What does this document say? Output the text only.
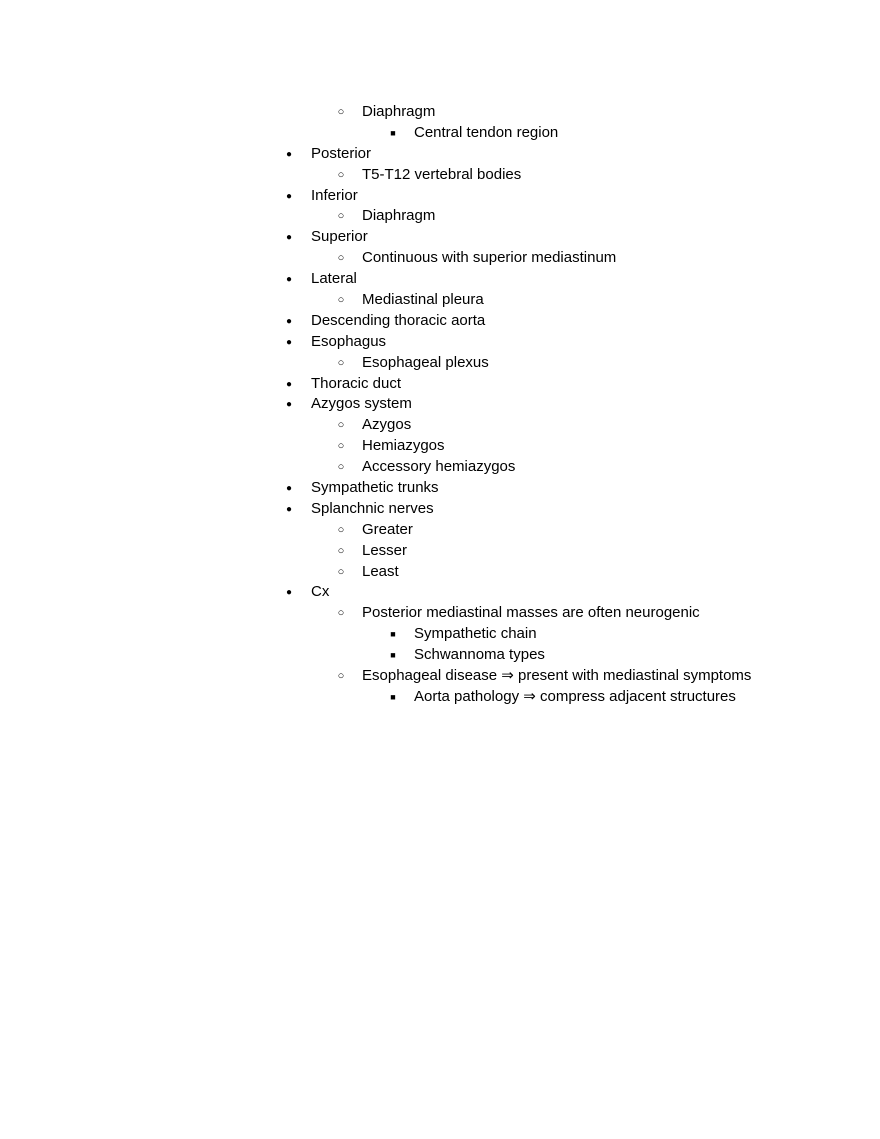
○
Diaphragm
■
Central tendon region
●
Posterior
○
T5-T12 vertebral bodies
●
Inferior
○
Diaphragm
●
Superior
○
Continuous with superior mediastinum
●
Lateral
○
Mediastinal pleura
●
Descending thoracic aorta
●
Esophagus
○
Esophageal plexus
●
Thoracic duct
●
Azygos system
○
Azygos
○
Hemiazygos
○
Accessory hemiazygos
●
Sympathetic trunks
●
Splanchnic nerves
○
Greater
○
Lesser
○
Least
●
Cx
○
Posterior mediastinal masses are often neurogenic
■
Sympathetic chain
■
Schwannoma types
○
Esophageal disease ⇒ present with mediastinal symptoms
■
Aorta pathology ⇒ compress adjacent structures
